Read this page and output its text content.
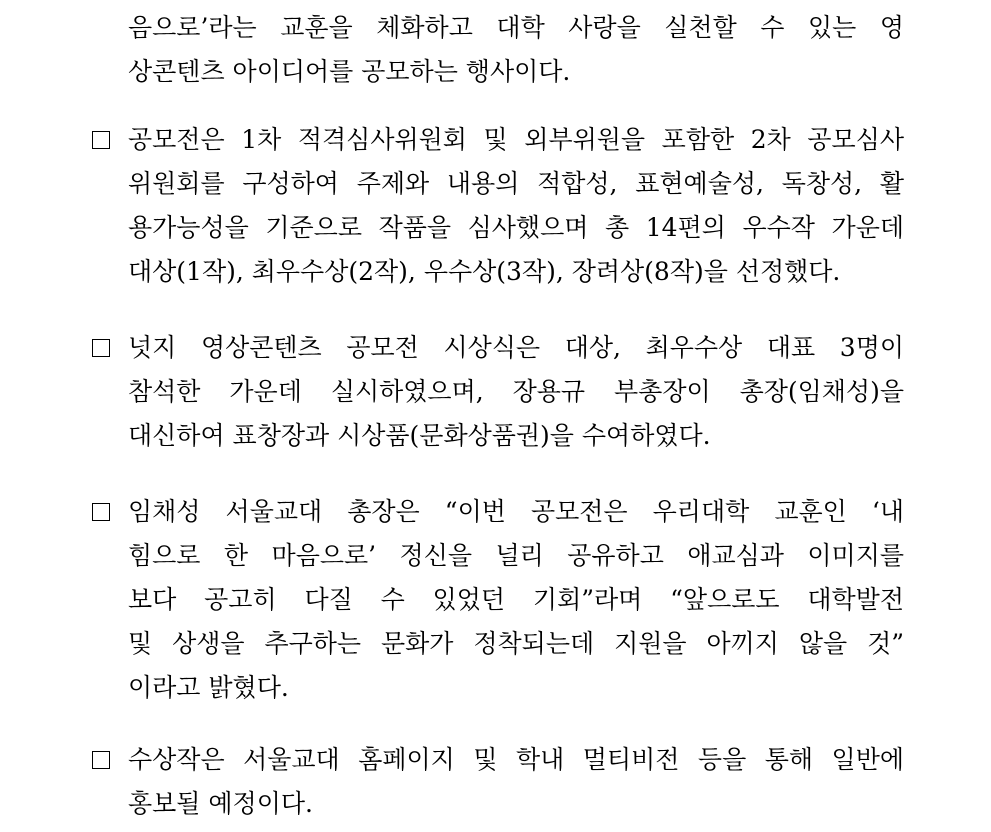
음으로’라는 교훈을 체화하고 대학 사랑을 실천할 수 있는 영
상콘텐츠 아이디어를 공모하는 행사이다.
공모전은 1차 적격심사위원회 및 외부위원을 포함한 2차 공모심사
위원회를 구성하여 주제와 내용의 적합성, 표현예술성, 독창성, 활
용가능성을 기준으로 작품을 심사했으며 총 14편의 우수작 가운데
대상(1작), 최우수상(2작), 우수상(3작), 장려상(8작)을 선정했다.
넛지 영상콘텐츠 공모전 시상식은 대상, 최우수상 대표 3명이
참석한 가운데 실시하였으며, 장용규 부총장이 총장(임채성)을
대신하여 표창장과 시상품(문화상품권)을 수여하였다.
임채성 서울교대 총장은 “이번 공모전은 우리대학 교훈인 ‘내
힘으로 한 마음으로’ 정신을 널리 공유하고 애교심과 이미지를
보다 공고히 다질 수 있었던 기회”라며 “앞으로도 대학발전
및 상생을 추구하는 문화가 정착되는데 지원을 아끼지 않을 것”
이라고 밝혔다.
수상작은 서울교대 홈페이지 및 학내 멀티비전 등을 통해 일반에
홍보될 예정이다.
